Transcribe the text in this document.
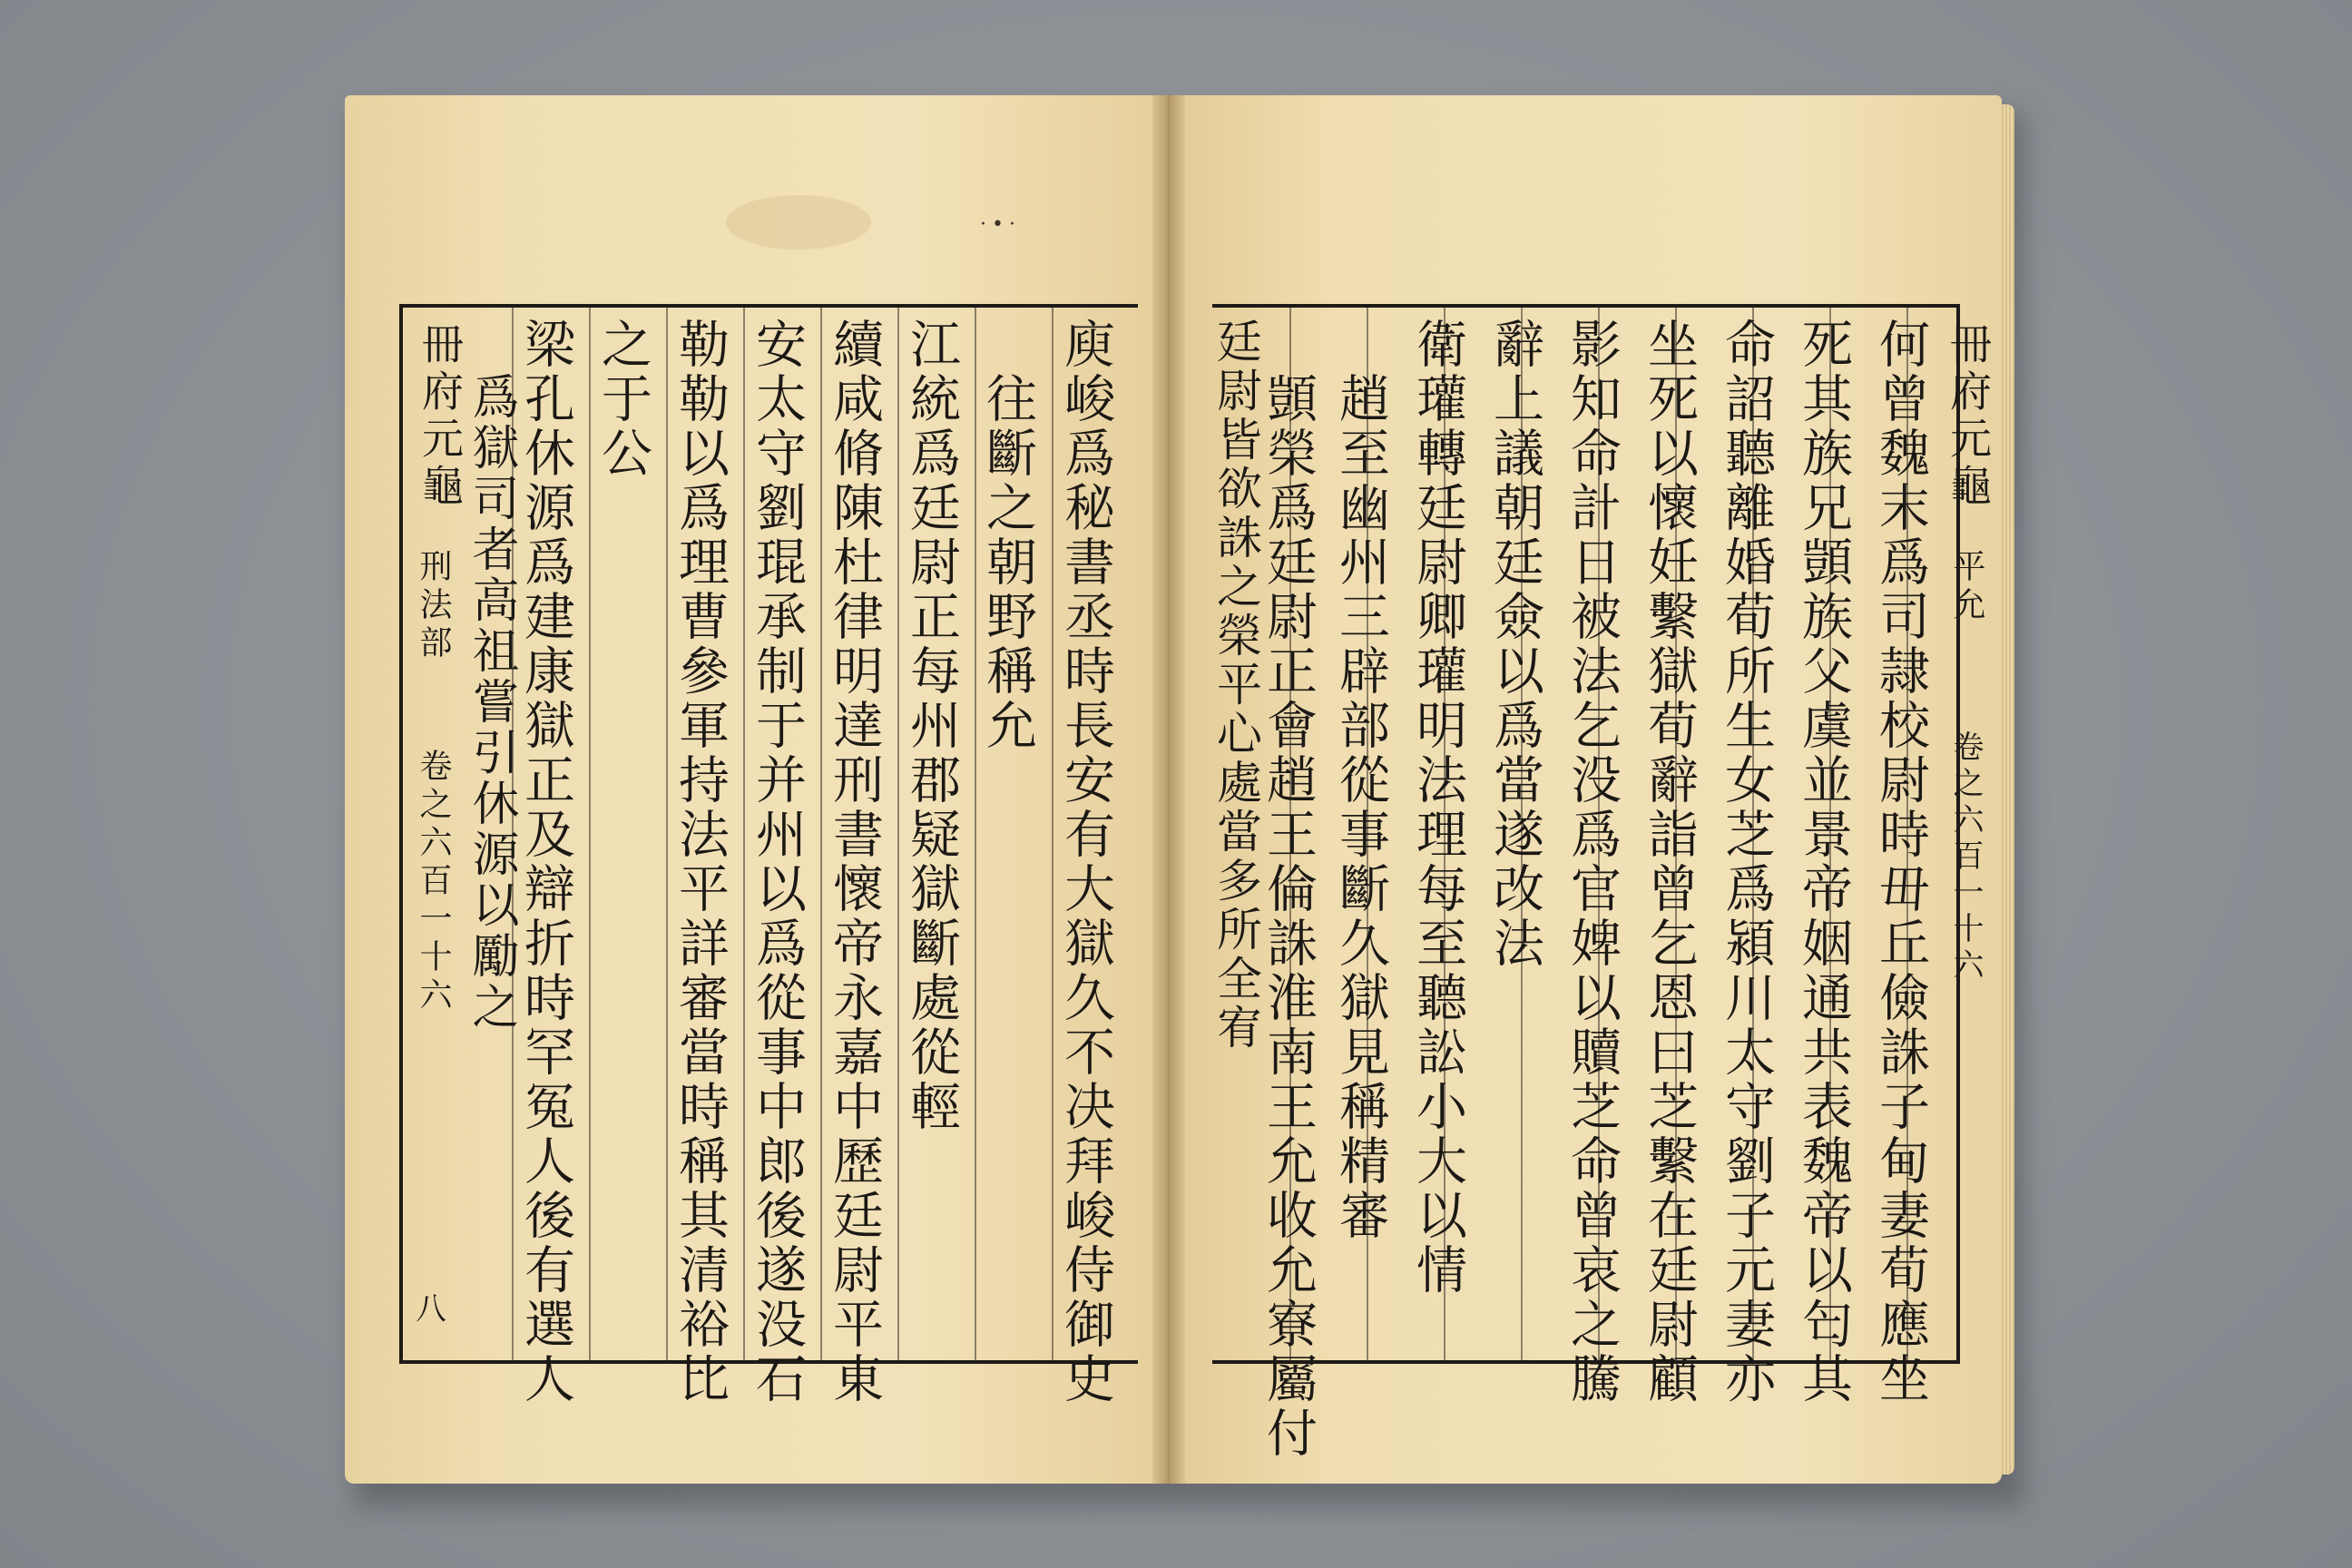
·•·
冊府元龜
刑法部
卷之六百一十六
八	庾峻爲秘書丞時長安有大獄久不决拜峻侍御史
往斷之朝野稱允
江統爲廷尉正每州郡疑獄斷處從輕
續咸脩陳杜律明達刑書懷帝永嘉中歷廷尉平東
安太守劉琨承制于并州以爲從事中郎後遂没石
勒勒以爲理曹參軍持法平詳審當時稱其清裕比
之于公
梁孔休源爲建康獄正及辯折時罕冤人後有選人
爲獄司者高祖嘗引休源以勵之	冊府元龜
平允
卷之六百一十六
何曾魏末爲司隷校尉時毌丘儉誅子甸妻荀應坐
死其族兄顗族父虞並景帝姻通共表魏帝以匄其
命詔聽離婚荀所生女芝爲潁川太守劉子元妻亦
坐死以懷妊繫獄荀辭詣曾乞恩曰芝繫在廷尉顧
影知命計日被法乞没爲官婢以贖芝命曾哀之騰
辭上議朝廷僉以爲當遂改法
衛瓘轉廷尉卿瓘明法理每至聽訟小大以情
趙至幽州三辟部從事斷久獄見稱精審
顗榮爲廷尉正會趙王倫誅淮南王允收允寮屬付
廷尉皆欲誅之榮平心處當多所全宥
